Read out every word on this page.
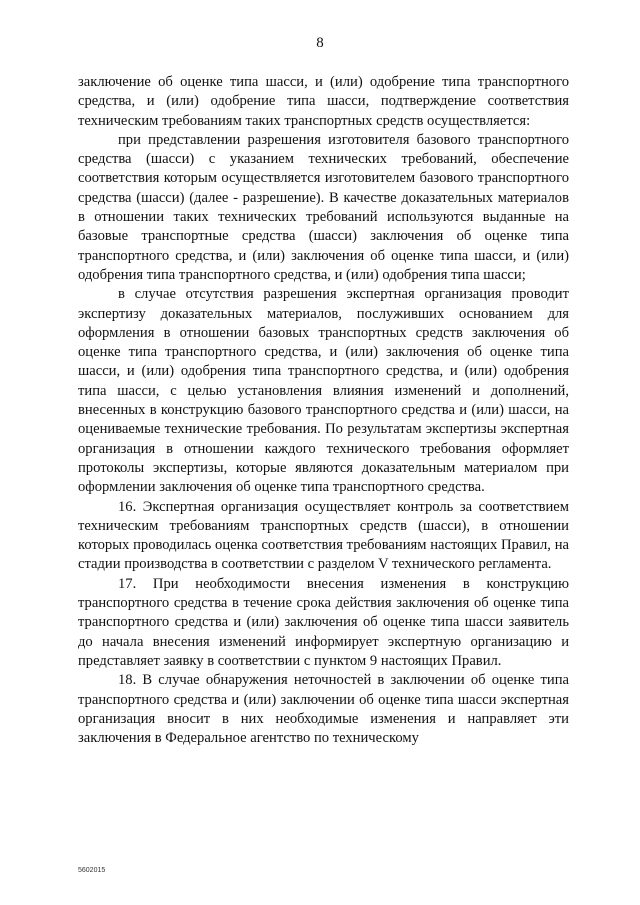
8

заключение об оценке типа шасси, и (или) одобрение типа транспортного средства, и (или) одобрение типа шасси, подтверждение соответствия техническим требованиям таких транспортных средств осуществляется:

при представлении разрешения изготовителя базового транспортного средства (шасси) с указанием технических требований, обеспечение соответствия которым осуществляется изготовителем базового транспортного средства (шасси) (далее - разрешение). В качестве доказательных материалов в отношении таких технических требований используются выданные на базовые транспортные средства (шасси) заключения об оценке типа транспортного средства, и (или) заключения об оценке типа шасси, и (или) одобрения типа транспортного средства, и (или) одобрения типа шасси;

в случае отсутствия разрешения экспертная организация проводит экспертизу доказательных материалов, послуживших основанием для оформления в отношении базовых транспортных средств заключения об оценке типа транспортного средства, и (или) заключения об оценке типа шасси, и (или) одобрения типа транспортного средства, и (или) одобрения типа шасси, с целью установления влияния изменений и дополнений, внесенных в конструкцию базового транспортного средства и (или) шасси, на оцениваемые технические требования. По результатам экспертизы экспертная организация в отношении каждого технического требования оформляет протоколы экспертизы, которые являются доказательным материалом при оформлении заключения об оценке типа транспортного средства.

16. Экспертная организация осуществляет контроль за соответствием техническим требованиям транспортных средств (шасси), в отношении которых проводилась оценка соответствия требованиям настоящих Правил, на стадии производства в соответствии с разделом V технического регламента.

17. При необходимости внесения изменения в конструкцию транспортного средства в течение срока действия заключения об оценке типа транспортного средства и (или) заключения об оценке типа шасси заявитель до начала внесения изменений информирует экспертную организацию и представляет заявку в соответствии с пунктом 9 настоящих Правил.

18. В случае обнаружения неточностей в заключении об оценке типа транспортного средства и (или) заключении об оценке типа шасси экспертная организация вносит в них необходимые изменения и направляет эти заключения в Федеральное агентство по техническому

5602015
